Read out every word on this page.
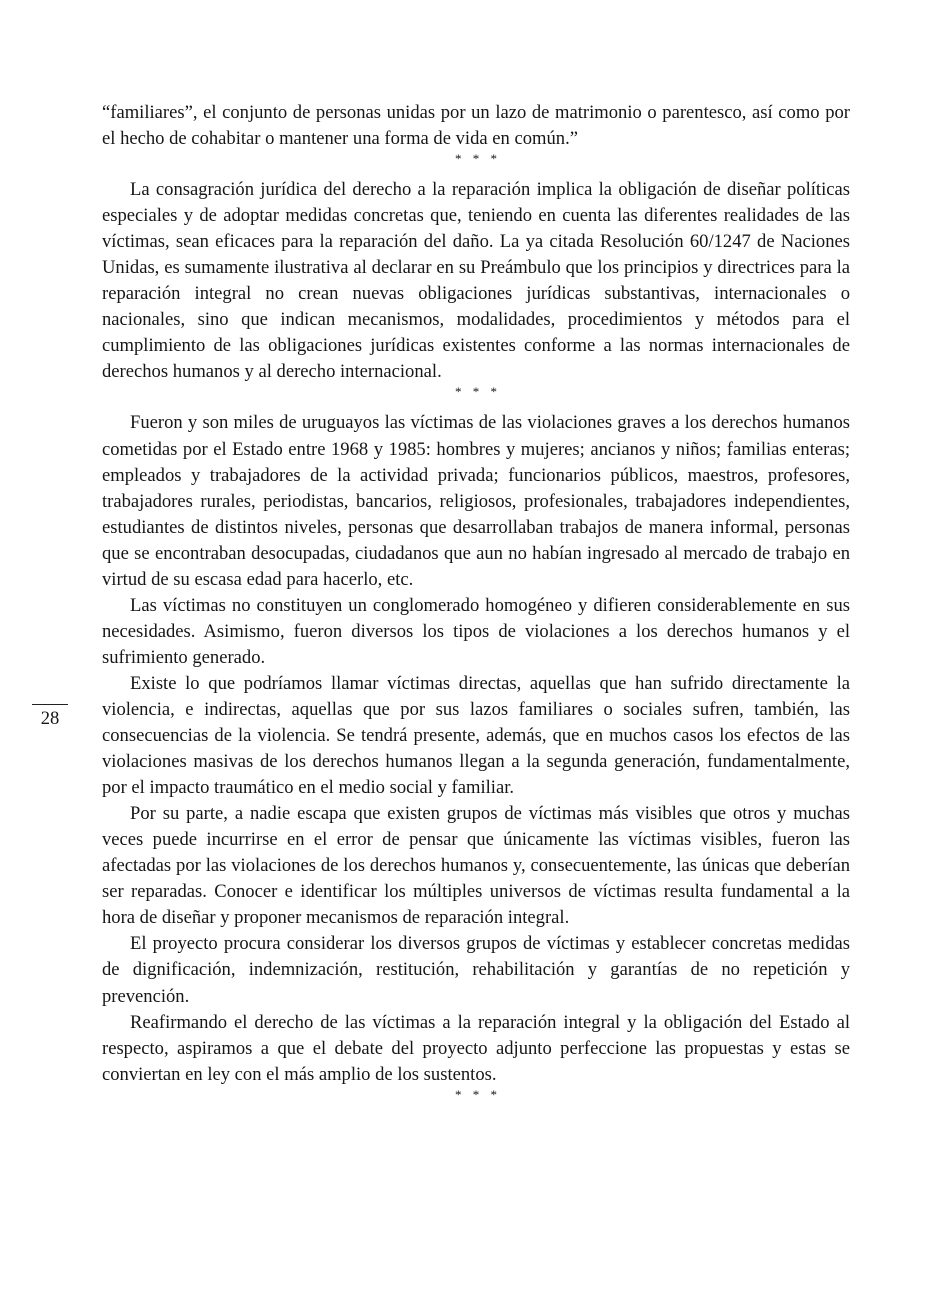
“familiares”, el conjunto de personas unidas por un lazo de matrimonio o parentesco, así como por el hecho de cohabitar o mantener una forma de vida en común.”

* * *

La consagración jurídica del derecho a la reparación implica la obligación de diseñar políticas especiales y de adoptar medidas concretas que, teniendo en cuenta las diferentes realidades de las víctimas, sean eficaces para la reparación del daño. La ya citada Resolución 60/1247 de Naciones Unidas, es sumamente ilustrativa al declarar en su Preámbulo que los principios y directrices para la reparación integral no crean nuevas obligaciones jurídicas substantivas, internacionales o nacionales, sino que indican mecanismos, modalidades, procedimientos y métodos para el cumplimiento de las obligaciones jurídicas existentes conforme a las normas internacionales de derechos humanos y al derecho internacional.

* * *

Fueron y son miles de uruguayos las víctimas de las violaciones graves a los derechos humanos cometidas por el Estado entre 1968 y 1985: hombres y mujeres; ancianos y niños; familias enteras; empleados y trabajadores de la actividad privada; funcionarios públicos, maestros, profesores, trabajadores rurales, periodistas, bancarios, religiosos, profesionales, trabajadores independientes, estudiantes de distintos niveles, personas que desarrollaban trabajos de manera informal, personas que se encontraban desocupadas, ciudadanos que aun no habían ingresado al mercado de trabajo en virtud de su escasa edad para hacerlo, etc.

Las víctimas no constituyen un conglomerado homogéneo y difieren considerablemente en sus necesidades. Asimismo, fueron diversos los tipos de violaciones a los derechos humanos y el sufrimiento generado.

Existe lo que podríamos llamar víctimas directas, aquellas que han sufrido directamente la violencia, e indirectas, aquellas que por sus lazos familiares o sociales sufren, también, las consecuencias de la violencia. Se tendrá presente, además, que en muchos casos los efectos de las violaciones masivas de los derechos humanos llegan a la segunda generación, fundamentalmente, por el impacto traumático en el medio social y familiar.

Por su parte, a nadie escapa que existen grupos de víctimas más visibles que otros y muchas veces puede incurrirse en el error de pensar que únicamente las víctimas visibles, fueron las afectadas por las violaciones de los derechos humanos y, consecuentemente, las únicas que deberían ser reparadas. Conocer e identificar los múltiples universos de víctimas resulta fundamental a la hora de diseñar y proponer mecanismos de reparación integral.

El proyecto procura considerar los diversos grupos de víctimas y establecer concretas medidas de dignificación, indemnización, restitución, rehabilitación y garantías de no repetición y prevención.

Reafirmando el derecho de las víctimas a la reparación integral y la obligación del Estado al respecto, aspiramos a que el debate del proyecto adjunto perfeccione las propuestas y estas se conviertan en ley con el más amplio de los sustentos.

* * *
28
